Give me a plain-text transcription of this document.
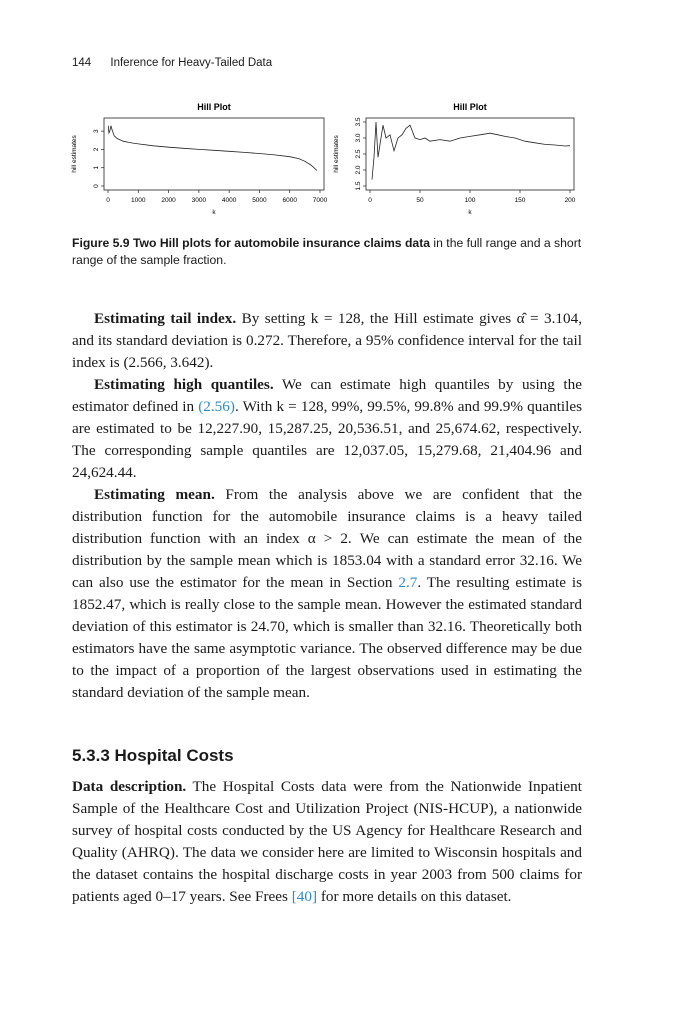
144 Inference for Heavy-Tailed Data
Hill Plot
0	1000 2000 3000 4000 5000 6000 7000
0
1
2
3
k
hill estimates
Hill Plot
0	50	100	150	200
1.5
2.0
2.5
3.0
3.5
k
hill estimates
Figure 5.9 Two Hill plots for automobile insurance claims data in the full range and a short range of the sample fraction.

Estimating tail index. By setting k = 128, the Hill estimate gives α̂ = 3.104, and its standard deviation is 0.272. Therefore, a 95% confidence interval for the tail index is (2.566, 3.642).

Estimating high quantiles. We can estimate high quantiles by using the estimator defined in (2.56). With k = 128, 99%, 99.5%, 99.8% and 99.9% quantiles are estimated to be 12,227.90, 15,287.25, 20,536.51, and 25,674.62, respectively. The corresponding sample quantiles are 12,037.05, 15,279.68, 21,404.96 and 24,624.44.

Estimating mean. From the analysis above we are confident that the distribution function for the automobile insurance claims is a heavy tailed distribution function with an index α > 2. We can estimate the mean of the distribution by the sample mean which is 1853.04 with a standard error 32.16. We can also use the estimator for the mean in Section 2.7. The resulting estimate is 1852.47, which is really close to the sample mean. However the estimated standard deviation of this estimator is 24.70, which is smaller than 32.16. Theoretically both estimators have the same asymptotic variance. The observed difference may be due to the impact of a proportion of the largest observations used in estimating the standard deviation of the sample mean.

5.3.3 Hospital Costs

Data description. The Hospital Costs data were from the Nationwide Inpatient Sample of the Healthcare Cost and Utilization Project (NIS-HCUP), a nationwide survey of hospital costs conducted by the US Agency for Healthcare Research and Quality (AHRQ). The data we consider here are limited to Wisconsin hospitals and the dataset contains the hospital discharge costs in year 2003 from 500 claims for patients aged 0–17 years. See Frees [40] for more details on this dataset.
